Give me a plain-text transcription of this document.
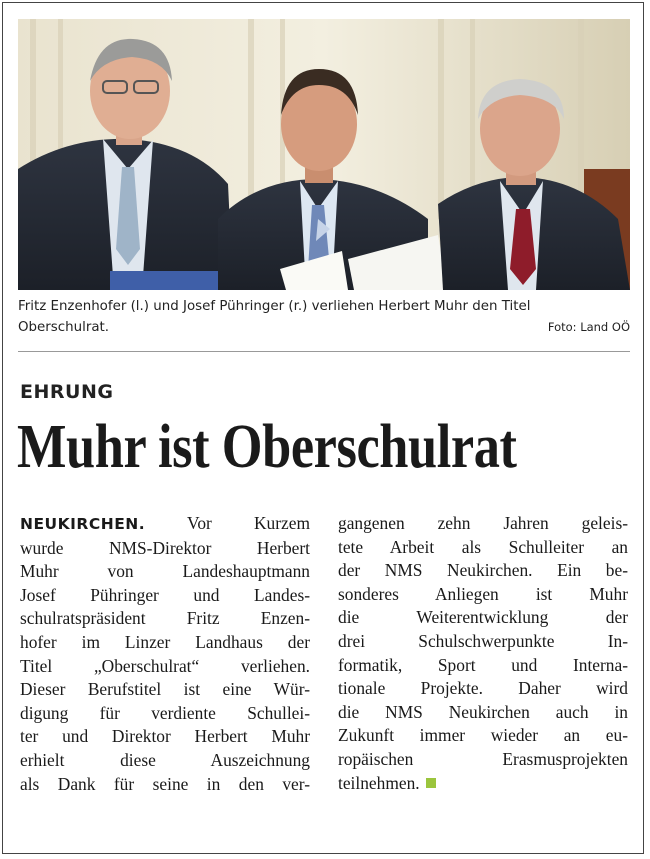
Fritz Enzenhofer (l.) und Josef Pühringer (r.) verliehen Herbert Muhr den Titel
Oberschulrat.	Foto: Land OÖ
EHRUNG
Muhr ist Oberschulrat
NEUKIRCHEN. Vor Kurzem
wurde NMS-Direktor Herbert
Muhr von Landeshauptmann
Josef Pühringer und Landes-
schulratspräsident Fritz Enzen-
hofer im Linzer Landhaus der
Titel „Oberschulrat“ verliehen.
Dieser Berufstitel ist eine Wür-
digung für verdiente Schullei-
ter und Direktor Herbert Muhr
erhielt diese Auszeichnung
als Dank für seine in den ver-
gangenen zehn Jahren geleis-
tete Arbeit als Schulleiter an
der NMS Neukirchen. Ein be-
sonderes Anliegen ist Muhr
die Weiterentwicklung der
drei Schulschwerpunkte In-
formatik, Sport und Interna-
tionale Projekte. Daher wird
die NMS Neukirchen auch in
Zukunft immer wieder an eu-
ropäischen Erasmusprojekten
teilnehmen.
